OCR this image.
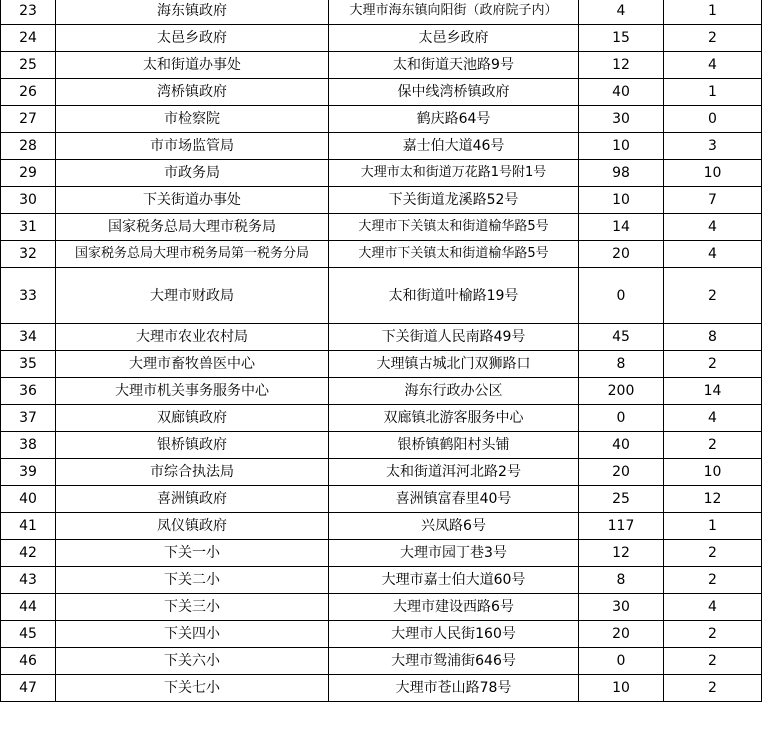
23	海东镇政府	大理市海东镇向阳街（政府院子内）	4	1
24	太邑乡政府	太邑乡政府	15	2
25	太和街道办事处	太和街道天池路9号	12	4
26	湾桥镇政府	保中线湾桥镇政府	40	1
27	市检察院	鹤庆路64号	30	0
28	市市场监管局	嘉士伯大道46号	10	3
29	市政务局	大理市太和街道万花路1号附1号	98	10
30	下关街道办事处	下关街道龙溪路52号	10	7
31	国家税务总局大理市税务局	大理市下关镇太和街道榆华路5号	14	4
32	国家税务总局大理市税务局第一税务分局	大理市下关镇太和街道榆华路5号	20	4
33	大理市财政局	太和街道叶榆路19号	0	2
34	大理市农业农村局	下关街道人民南路49号	45	8
35	大理市畜牧兽医中心	大理镇古城北门双狮路口	8	2
36	大理市机关事务服务中心	海东行政办公区	200	14
37	双廊镇政府	双廊镇北游客服务中心	0	4
38	银桥镇政府	银桥镇鹤阳村头铺	40	2
39	市综合执法局	太和街道洱河北路2号	20	10
40	喜洲镇政府	喜洲镇富春里40号	25	12
41	凤仪镇政府	兴凤路6号	117	1
42	下关一小	大理市园丁巷3号	12	2
43	下关二小	大理市嘉士伯大道60号	8	2
44	下关三小	大理市建设西路6号	30	4
45	下关四小	大理市人民街160号	20	2
46	下关六小	大理市鸳浦街646号	0	2
47	下关七小	大理市苍山路78号	10	2
